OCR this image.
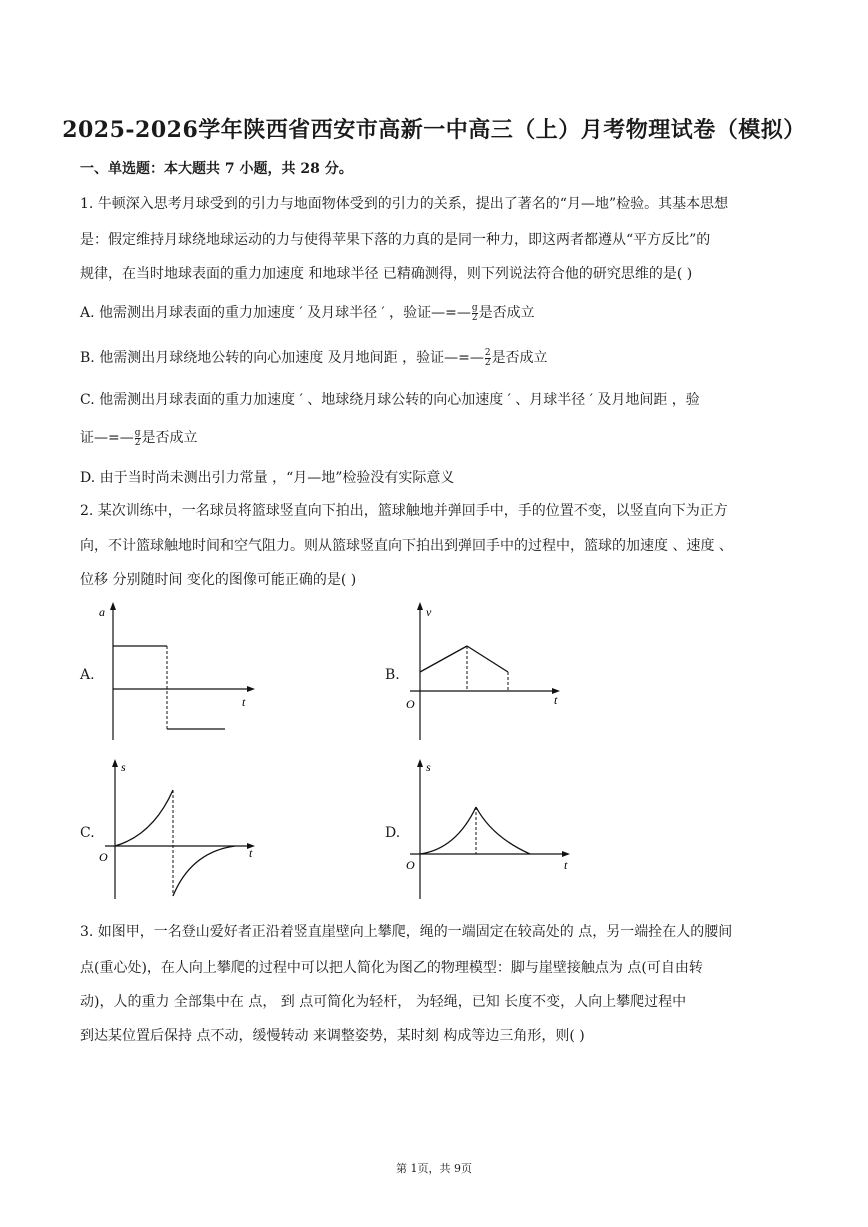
2025-2026学年陕西省西安市高新一中高三（上）月考物理试卷（模拟）
一、单选题：本大题共 7 小题，共 28 分。
1. 牛顿深入思考月球受到的引力与地面物体受到的引力的关系，提出了著名的“月—地”检验。其基本思想
是：假定维持月球绕地球运动的力与使得苹果下落的力真的是同一种力，即这两者都遵从“平方反比”的
规律，在当时地球表面的重力加速度 和地球半径 已精确测得，则下列说法符合他的研究思维的是( )
A. 他需测出月球表面的重力加速度 ′ 及月球半径 ′ ，验证$—=—\frac{g}{2}$ 是否成立
B. 他需测出月球绕地公转的向心加速度 及月地间距 ，验证$—=—\frac{2}{2}$ 是否成立
C. 他需测出月球表面的重力加速度 ′ 、地球绕月球公转的向心加速度 ′ 、月球半径 ′ 及月地间距 ，验
证$—=—\frac{g}{2}$ 是否成立
D. 由于当时尚未测出引力常量 ，“月—地”检验没有实际意义
2. 某次训练中，一名球员将篮球竖直向下拍出，篮球触地并弹回手中，手的位置不变，以竖直向下为正方
向，不计篮球触地时间和空气阻力。则从篮球竖直向下拍出到弹回手中的过程中，篮球的加速度 、速度 、
位移 分别随时间 变化的图像可能正确的是( )
A.
a
t
B.
v
t
O
C.
s
t
O
D.
s
t
O
3. 如图甲，一名登山爱好者正沿着竖直崖壁向上攀爬，绳的一端固定在较高处的 点，另一端拴在人的腰间
点(重心处)，在人向上攀爬的过程中可以把人简化为图乙的物理模型：脚与崖壁接触点为 点(可自由转
动)，人的重力 全部集中在 点， 到 点可简化为轻杆， 为轻绳，已知 长度不变，人向上攀爬过程中
到达某位置后保持 点不动，缓慢转动 来调整姿势，某时刻 构成等边三角形，则( )
第 1页，共 9页
